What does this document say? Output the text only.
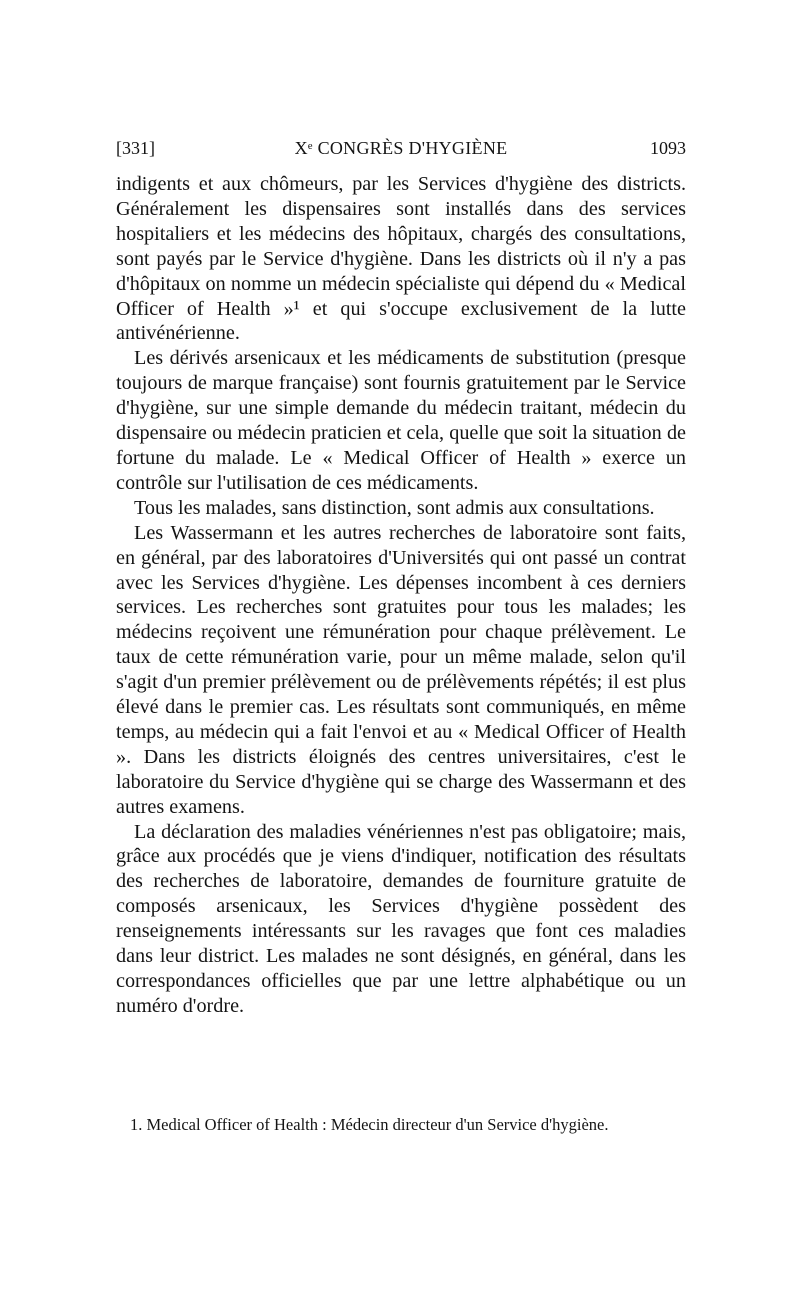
[331]	Xᵉ CONGRÈS D'HYGIÈNE	1093

indigents et aux chômeurs, par les Services d'hygiène des districts. Généralement les dispensaires sont installés dans des services hospitaliers et les médecins des hôpitaux, chargés des consultations, sont payés par le Service d'hygiène. Dans les districts où il n'y a pas d'hôpitaux on nomme un médecin spécialiste qui dépend du « Medical Officer of Health »¹ et qui s'occupe exclusivement de la lutte antivénérienne.

Les dérivés arsenicaux et les médicaments de substitution (presque toujours de marque française) sont fournis gratuitement par le Service d'hygiène, sur une simple demande du médecin traitant, médecin du dispensaire ou médecin praticien et cela, quelle que soit la situation de fortune du malade. Le « Medical Officer of Health » exerce un contrôle sur l'utilisation de ces médicaments.

Tous les malades, sans distinction, sont admis aux consultations.

Les Wassermann et les autres recherches de laboratoire sont faits, en général, par des laboratoires d'Universités qui ont passé un contrat avec les Services d'hygiène. Les dépenses incombent à ces derniers services. Les recherches sont gratuites pour tous les malades; les médecins reçoivent une rémunération pour chaque prélèvement. Le taux de cette rémunération varie, pour un même malade, selon qu'il s'agit d'un premier prélèvement ou de prélèvements répétés; il est plus élevé dans le premier cas. Les résultats sont communiqués, en même temps, au médecin qui a fait l'envoi et au « Medical Officer of Health ». Dans les districts éloignés des centres universitaires, c'est le laboratoire du Service d'hygiène qui se charge des Wassermann et des autres examens.

La déclaration des maladies vénériennes n'est pas obligatoire; mais, grâce aux procédés que je viens d'indiquer, notification des résultats des recherches de laboratoire, demandes de fourniture gratuite de composés arsenicaux, les Services d'hygiène possèdent des renseignements intéressants sur les ravages que font ces maladies dans leur district. Les malades ne sont désignés, en général, dans les correspondances officielles que par une lettre alphabétique ou un numéro d'ordre.

1. Medical Officer of Health : Médecin directeur d'un Service d'hygiène.
